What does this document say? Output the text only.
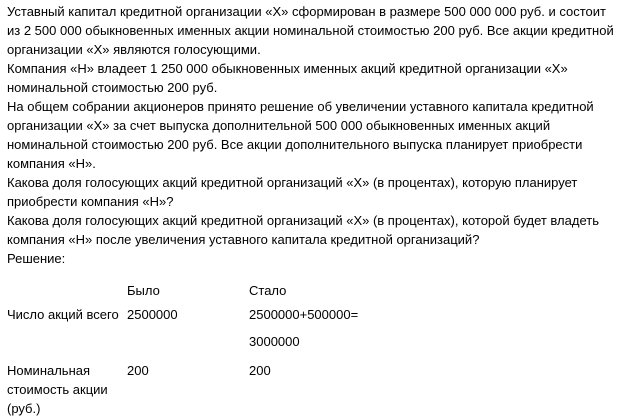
Уставный капитал кредитной организации «Х» сформирован в размере 500 000 000 руб. и состоит из 2 500 000 обыкновенных именных акции номинальной стоимостью 200 руб. Все акции кредитной организации «Х» являются голосующими.

Компания «Н» владеет 1 250 000 обыкновенных именных акций кредитной организации «Х» номинальной стоимостью 200 руб.

На общем собрании акционеров принято решение об увеличении уставного капитала кредитной организации «Х» за счет выпуска дополнительной 500 000 обыкновенных именных акций номинальной стоимостью 200 руб. Все акции дополнительного выпуска планирует приобрести компания «Н».

Какова доля голосующих акций кредитной организаций «Х» (в процентах), которую планирует приобрести компания «Н»?

Какова доля голосующих акций кредитной организаций «Х» (в процентах), которой будет владеть компания «Н» после увеличения уставного капитала кредитной организаций?

Решение:
	Было	Стало
Число акций всего	2500000	2500000+500000=
3000000
Номинальная стоимость акции (руб.)	200	200
